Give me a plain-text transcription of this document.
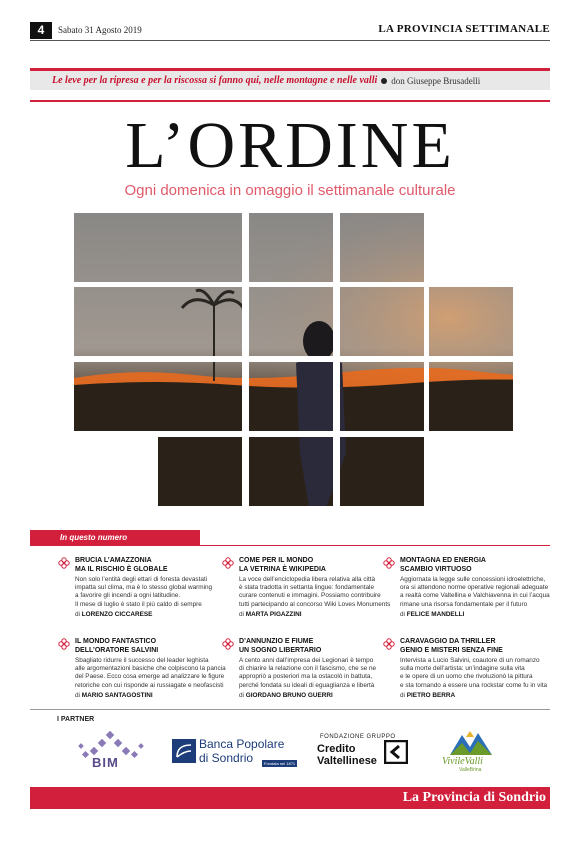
4	Sabato 31 Agosto 2019	LA PROVINCIA SETTIMANALE
Le leve per la ripresa e per la riscossa si fanno qui, nelle montagne e nelle valli don Giuseppe Brusadelli
L’ORDINE
Ogni domenica in omaggio il settimanale culturale
In questo numero
BRUCIA L’AMAZZONIA
MA IL RISCHIO È GLOBALE
Non solo l’entità degli ettari di foresta devastati
impatta sul clima, ma è lo stesso global warming
a favorire gli incendi a ogni latitudine.
Il mese di luglio è stato il più caldo di sempre
di LORENZO CICCARESE
COME PER IL MONDO
LA VETRINA È WIKIPEDIA
La voce dell’enciclopedia libera relativa alla città
è stata tradotta in settanta lingue: fondamentale
curare contenuti e immagini. Possiamo contribuire
tutti partecipando al concorso Wiki Loves Monuments
di MARTA PIGAZZINI
MONTAGNA ED ENERGIA
SCAMBIO VIRTUOSO
Aggiornata la legge sulle concessioni idroelettriche,
ora si attendono norme operative regionali adeguate
a realtà come Valtellina e Valchiavenna in cui l’acqua
rimane una risorsa fondamentale per il futuro
di FELICE MANDELLI
IL MONDO FANTASTICO
DELL’ORATORE SALVINI
Sbagliato ridurre il successo del leader leghista
alle argomentazioni basiche che colpiscono la pancia
del Paese. Ecco cosa emerge ad analizzare le figure
retoriche con cui risponde ai russiagate e neofascisti
di MARIO SANTAGOSTINI
D’ANNUNZIO E FIUME
UN SOGNO LIBERTARIO
A cento anni dall’impresa dei Legionari è tempo
di chiarire la relazione con il fascismo, che se ne
appropriò a posteriori ma la ostacolò in battuta,
perché fondata su ideali di eguaglianza e libertà
di GIORDANO BRUNO GUERRI
CARAVAGGIO DA THRILLER
GENIO E MISTERI SENZA FINE
Intervista a Lucio Salvini, coautore di un romanzo
sulla morte dell’artista: un’indagine sulla vita
e le opere di un uomo che rivoluzionò la pittura
e sta tornando a essere una rockstar come fu in vita
di PIETRO BERRA
I PARTNER
BIM
Banca Popolare
di Sondrio	Fondata nel 1871
FONDAZIONE GRUPPO
Credito
Valtellinese	VivileValli
ValleBrina
La Provincia di Sondrio
